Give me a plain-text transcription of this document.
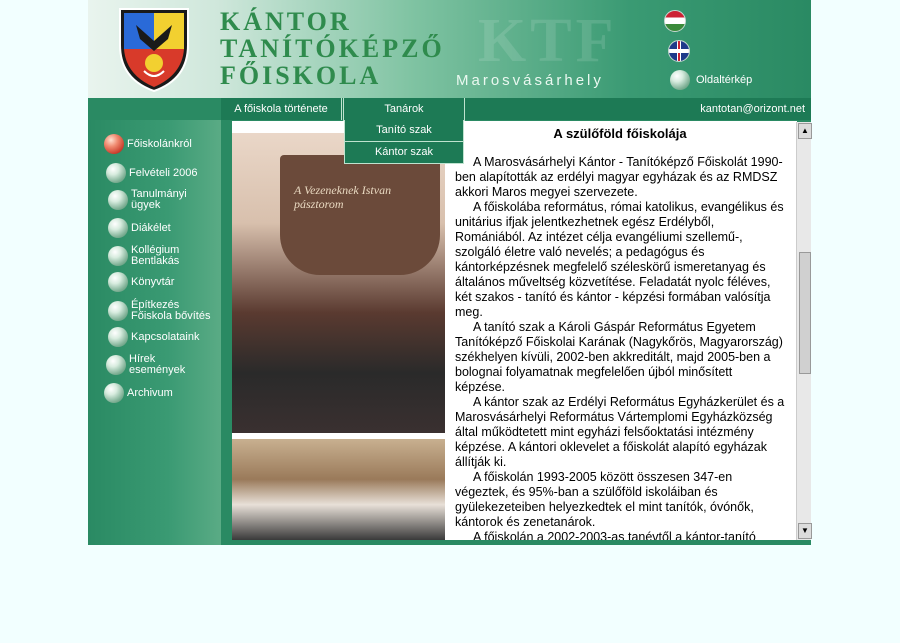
KTF
KÁNTOR
TANÍTÓKÉPZŐ
FŐISKOLA	Marosvásárhely	Oldaltérkép
A főiskola története	Tanárok	kantotan@orizont.net
Tanító szak
Kántor szak
Főiskolánkról
Felvételi 2006
Tanulmányi ügyek
Diákélet
Kollégium Bentlakás
Könyvtár
Építkezés Főiskola bővítés
Kapcsolataink
Hírek események
Archivum
A Vezeneknek Istvan pásztorom
A szülőföld főiskolája

A Marosvásárhelyi Kántor - Tanítóképző Főiskolát 1990-ben alapították az erdélyi magyar egyházak és az RMDSZ akkori Maros megyei szervezete.

A főiskolába református, római katolikus, evangélikus és unitárius ifjak jelentkezhetnek egész Erdélyből, Romániából. Az intézet célja evangéliumi szellemű-, szolgáló életre való nevelés; a pedagógus és kántorképzésnek megfelelő széleskörű ismeretanyag és általános műveltség közvetítése. Feladatát nyolc féléves, két szakos - tanító és kántor - képzési formában valósítja meg.

A tanító szak a Károli Gáspár Református Egyetem Tanítóképző Főiskolai Karának (Nagykőrös, Magyarország) székhelyen kívüli, 2002-ben akkreditált, majd 2005-ben a bolognai folyamatnak megfelelően újból minősített képzése.

A kántor szak az Erdélyi Református Egyházkerület és a Marosvásárhelyi Református Vártemplomi Egyházközség által működtetett mint egyházi felsőoktatási intézmény képzése. A kántori oklevelet a főiskolát alapító egyházak állítják ki.

A főiskolán 1993-2005 között összesen 347-en végeztek, és 95%-ban a szülőföld iskoláiban és gyülekezeteiben helyezkedtek el mint tanítók, óvónők, kántorok és zenetanárok.

A főiskolán a 2002-2003-as tanévtől a kántor-tanító

▲
▼
